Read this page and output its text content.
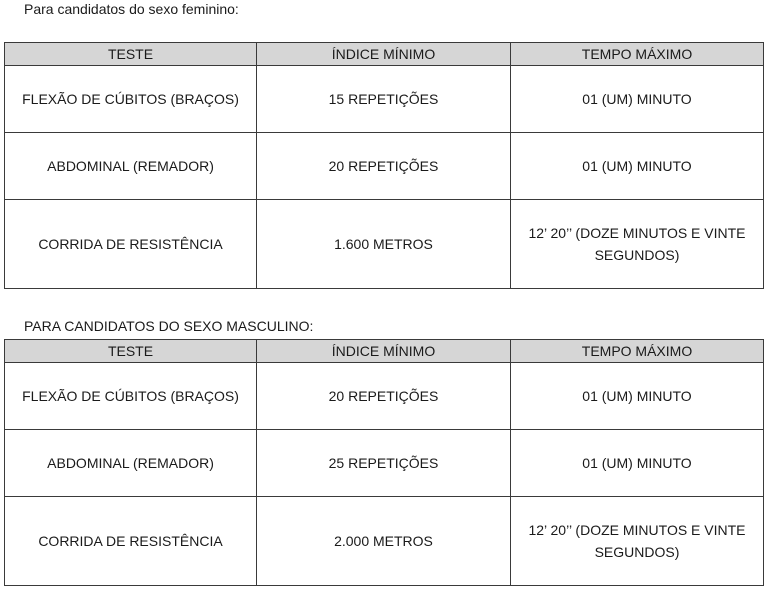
Para candidatos do sexo feminino:
TESTE	ÍNDICE MÍNIMO	TEMPO MÁXIMO
FLEXÃO DE CÚBITOS (BRAÇOS)	15 REPETIÇÕES	01 (UM) MINUTO
ABDOMINAL (REMADOR)	20 REPETIÇÕES	01 (UM) MINUTO
CORRIDA DE RESISTÊNCIA	1.600 METROS	12’ 20’’ (DOZE MINUTOS E VINTE SEGUNDOS)
PARA CANDIDATOS DO SEXO MASCULINO:
TESTE	ÍNDICE MÍNIMO	TEMPO MÁXIMO
FLEXÃO DE CÚBITOS (BRAÇOS)	20 REPETIÇÕES	01 (UM) MINUTO
ABDOMINAL (REMADOR)	25 REPETIÇÕES	01 (UM) MINUTO
CORRIDA DE RESISTÊNCIA	2.000 METROS	12’ 20’’ (DOZE MINUTOS E VINTE SEGUNDOS)
